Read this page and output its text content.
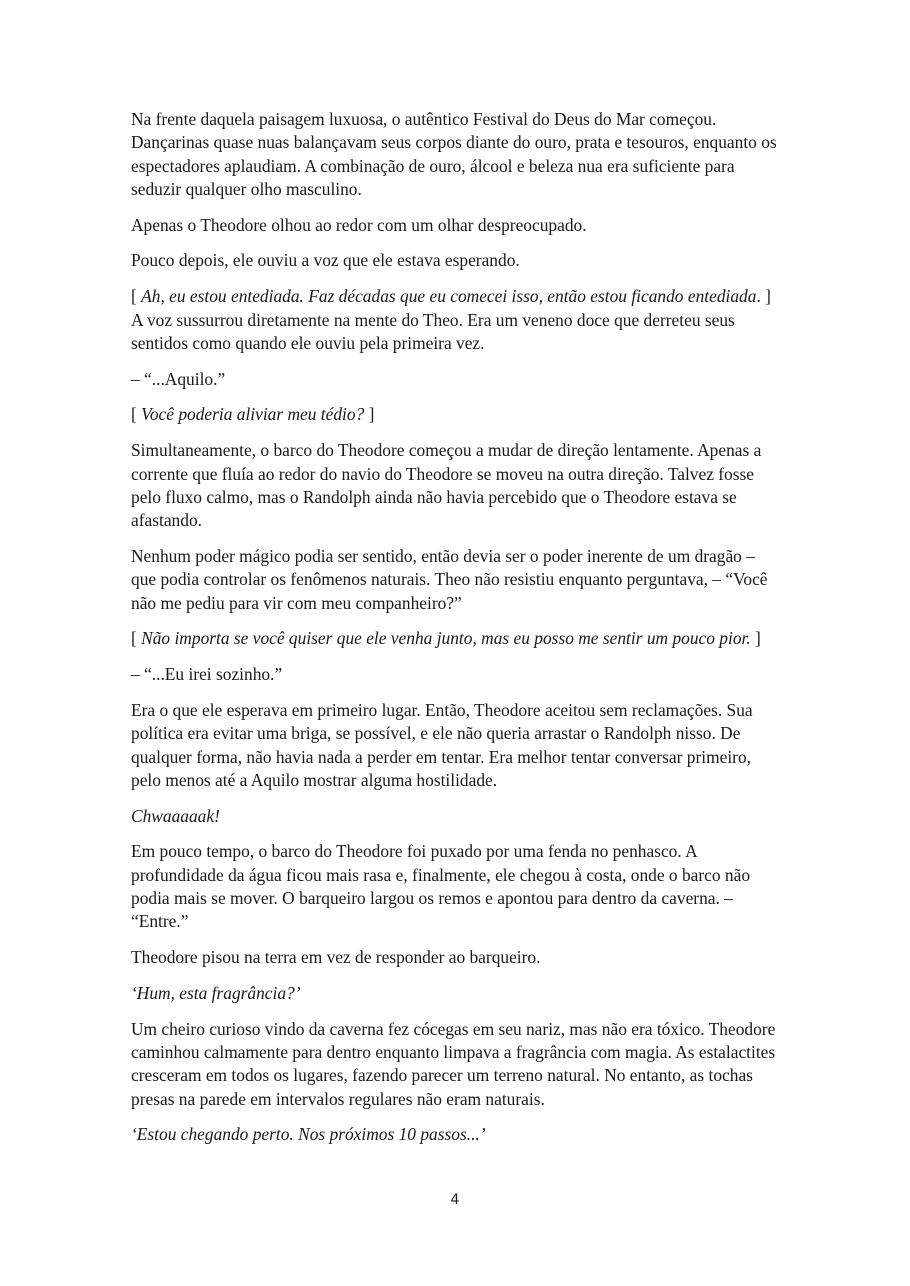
Na frente daquela paisagem luxuosa, o autêntico Festival do Deus do Mar começou. Dançarinas quase nuas balançavam seus corpos diante do ouro, prata e tesouros, enquanto os espectadores aplaudiam. A combinação de ouro, álcool e beleza nua era suficiente para seduzir qualquer olho masculino.

Apenas o Theodore olhou ao redor com um olhar despreocupado.

Pouco depois, ele ouviu a voz que ele estava esperando.

[ Ah, eu estou entediada. Faz décadas que eu comecei isso, então estou ficando entediada. ] A voz sussurrou diretamente na mente do Theo. Era um veneno doce que derreteu seus sentidos como quando ele ouviu pela primeira vez.

– “...Aquilo.”

[ Você poderia aliviar meu tédio? ]

Simultaneamente, o barco do Theodore começou a mudar de direção lentamente. Apenas a corrente que fluía ao redor do navio do Theodore se moveu na outra direção. Talvez fosse pelo fluxo calmo, mas o Randolph ainda não havia percebido que o Theodore estava se afastando.

Nenhum poder mágico podia ser sentido, então devia ser o poder inerente de um dragão – que podia controlar os fenômenos naturais. Theo não resistiu enquanto perguntava, – “Você não me pediu para vir com meu companheiro?”

[ Não importa se você quiser que ele venha junto, mas eu posso me sentir um pouco pior. ]

– “...Eu irei sozinho.”

Era o que ele esperava em primeiro lugar. Então, Theodore aceitou sem reclamações. Sua política era evitar uma briga, se possível, e ele não queria arrastar o Randolph nisso. De qualquer forma, não havia nada a perder em tentar. Era melhor tentar conversar primeiro, pelo menos até a Aquilo mostrar alguma hostilidade.

Chwaaaaak!

Em pouco tempo, o barco do Theodore foi puxado por uma fenda no penhasco. A profundidade da água ficou mais rasa e, finalmente, ele chegou à costa, onde o barco não podia mais se mover. O barqueiro largou os remos e apontou para dentro da caverna. – “Entre.”

Theodore pisou na terra em vez de responder ao barqueiro.

‘Hum, esta fragrância?’

Um cheiro curioso vindo da caverna fez cócegas em seu nariz, mas não era tóxico. Theodore caminhou calmamente para dentro enquanto limpava a fragrância com magia. As estalactites cresceram em todos os lugares, fazendo parecer um terreno natural. No entanto, as tochas presas na parede em intervalos regulares não eram naturais.

‘Estou chegando perto. Nos próximos 10 passos...’

4
